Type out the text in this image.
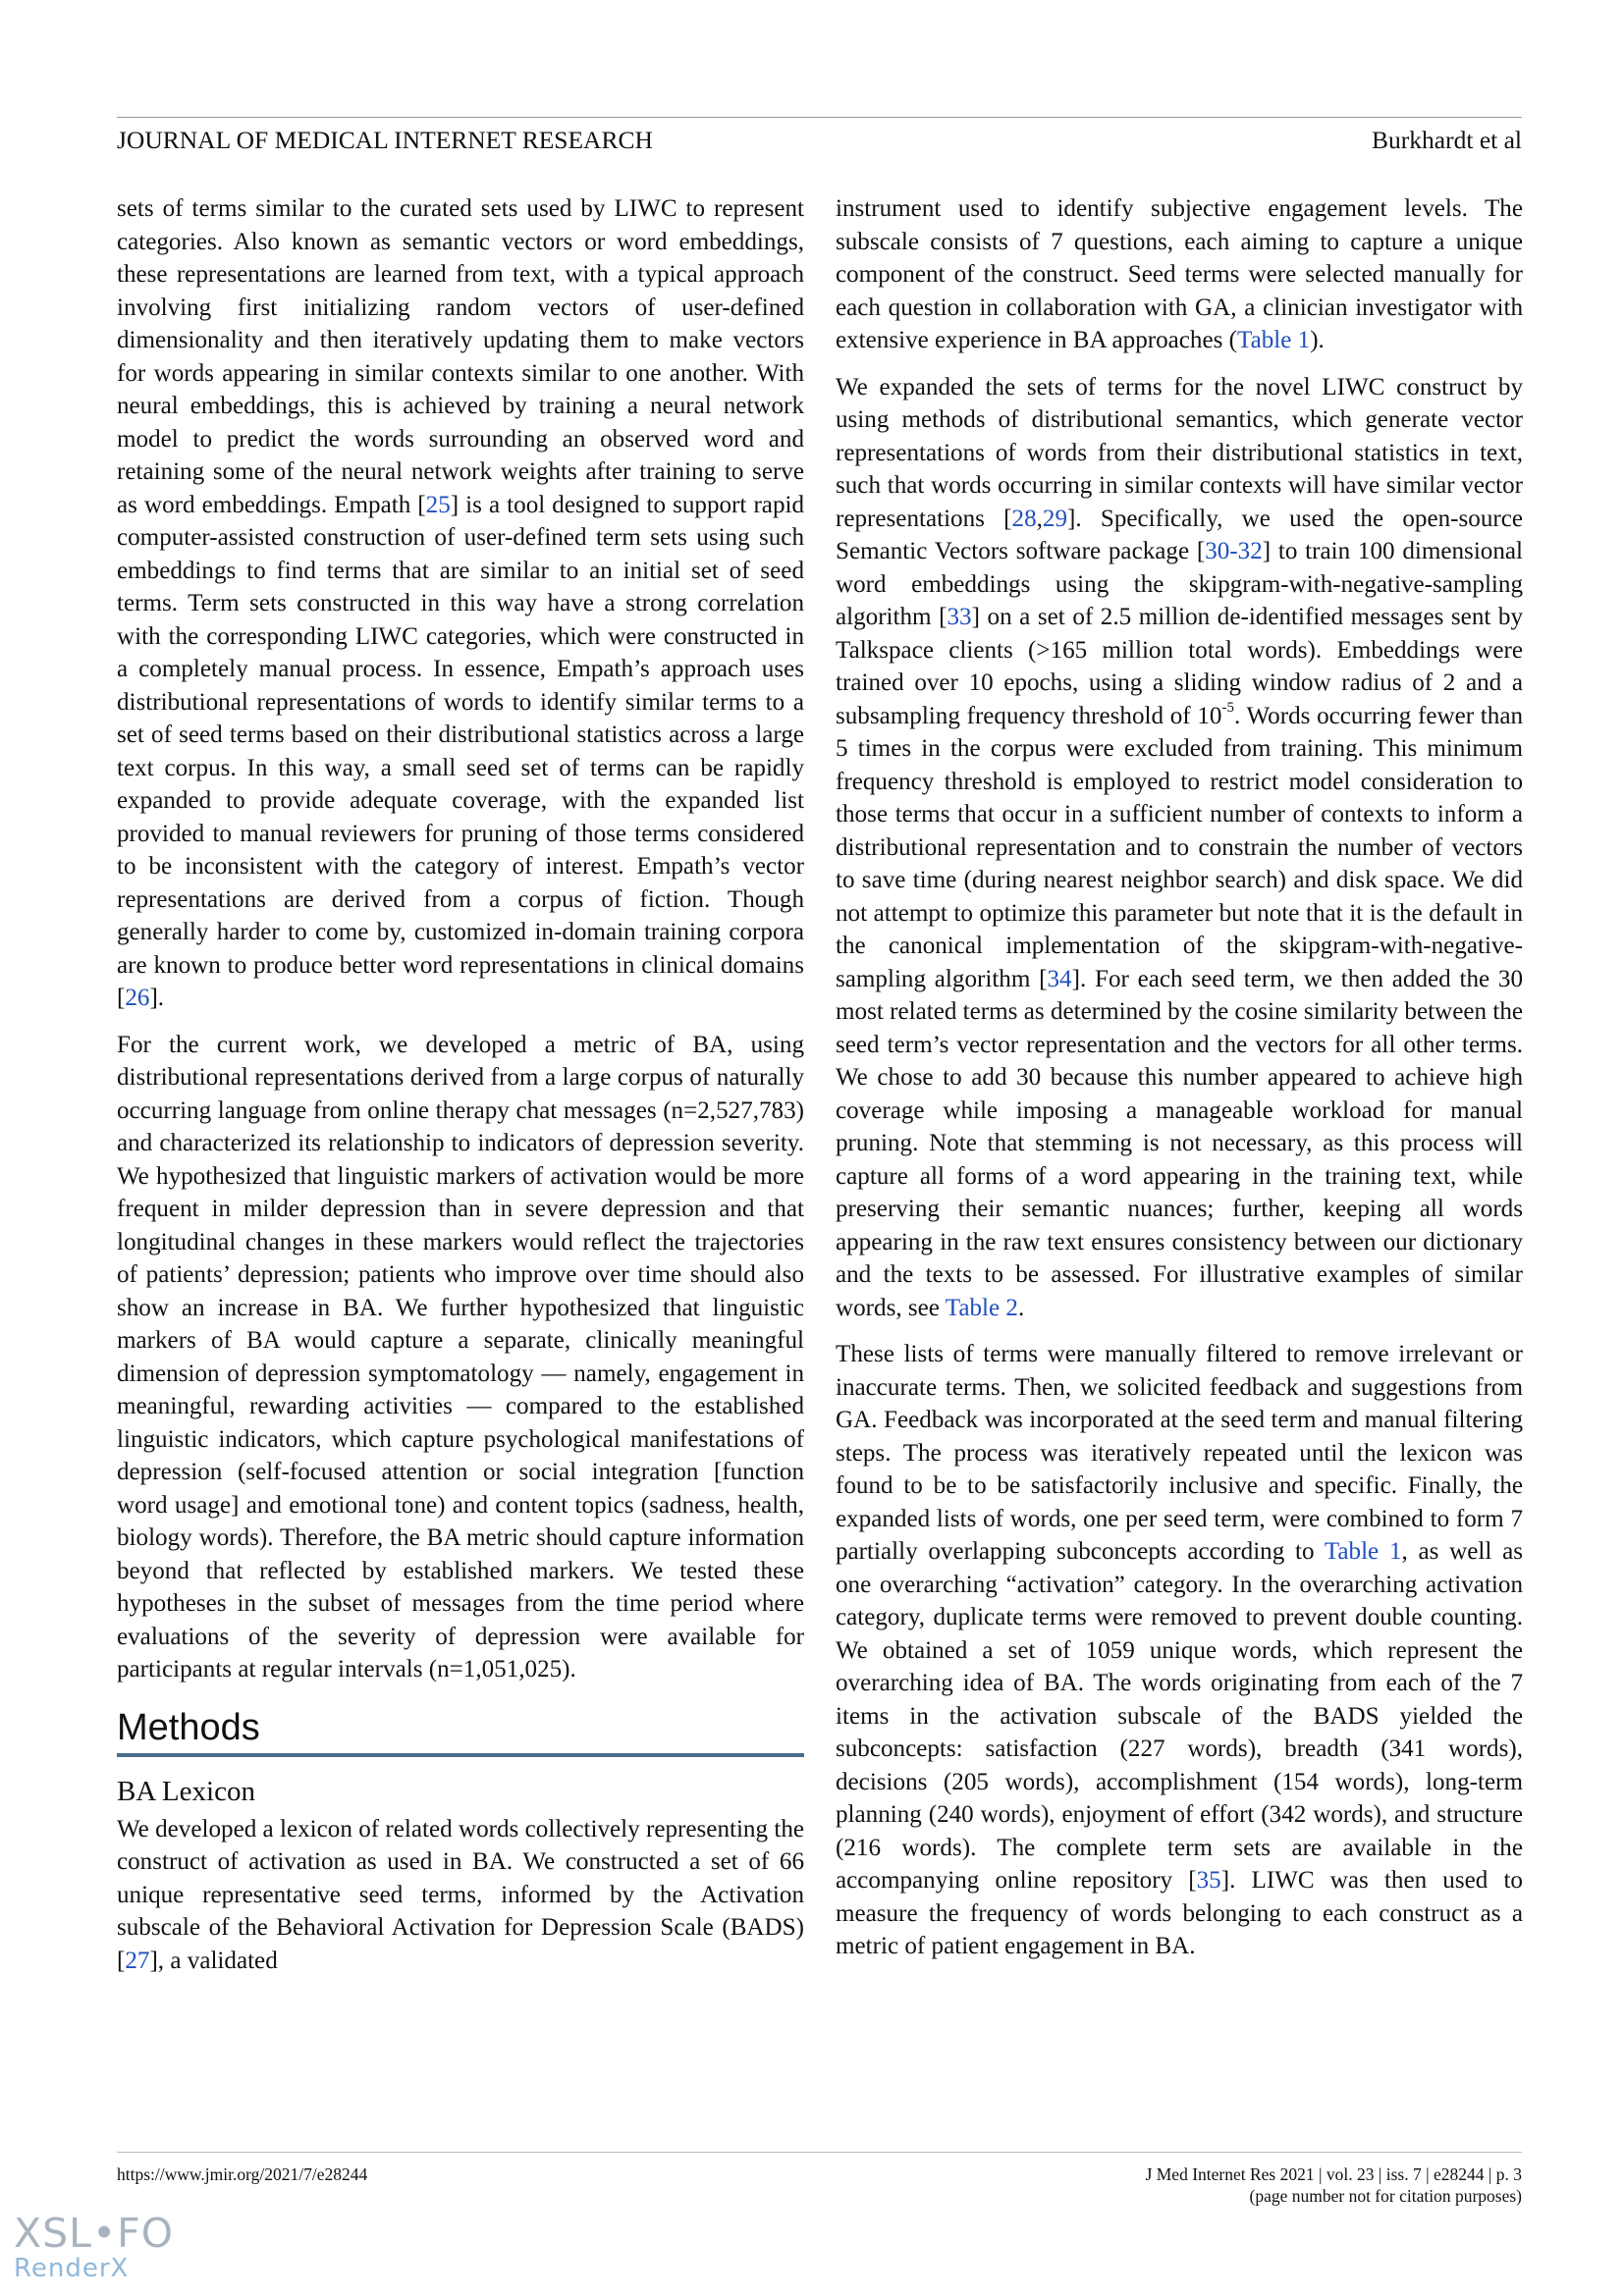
JOURNAL OF MEDICAL INTERNET RESEARCH	Burkhardt et al

sets of terms similar to the curated sets used by LIWC to represent categories. Also known as semantic vectors or word embeddings, these representations are learned from text, with a typical approach involving first initializing random vectors of user-defined dimensionality and then iteratively updating them to make vectors for words appearing in similar contexts similar to one another. With neural embeddings, this is achieved by training a neural network model to predict the words surrounding an observed word and retaining some of the neural network weights after training to serve as word embeddings. Empath [25] is a tool designed to support rapid computer-assisted construction of user-defined term sets using such embeddings to find terms that are similar to an initial set of seed terms. Term sets constructed in this way have a strong correlation with the corresponding LIWC categories, which were constructed in a completely manual process. In essence, Empath’s approach uses distributional representations of words to identify similar terms to a set of seed terms based on their distributional statistics across a large text corpus. In this way, a small seed set of terms can be rapidly expanded to provide adequate coverage, with the expanded list provided to manual reviewers for pruning of those terms considered to be inconsistent with the category of interest. Empath’s vector representations are derived from a corpus of fiction. Though generally harder to come by, customized in-domain training corpora are known to produce better word representations in clinical domains [26].

For the current work, we developed a metric of BA, using distributional representations derived from a large corpus of naturally occurring language from online therapy chat messages (n=2,527,783) and characterized its relationship to indicators of depression severity. We hypothesized that linguistic markers of activation would be more frequent in milder depression than in severe depression and that longitudinal changes in these markers would reflect the trajectories of patients’ depression; patients who improve over time should also show an increase in BA. We further hypothesized that linguistic markers of BA would capture a separate, clinically meaningful dimension of depression symptomatology — namely, engagement in meaningful, rewarding activities — compared to the established linguistic indicators, which capture psychological manifestations of depression (self-focused attention or social integration [function word usage] and emotional tone) and content topics (sadness, health, biology words). Therefore, the BA metric should capture information beyond that reflected by established markers. We tested these hypotheses in the subset of messages from the time period where evaluations of the severity of depression were available for participants at regular intervals (n=1,051,025).

Methods
BA Lexicon

We developed a lexicon of related words collectively representing the construct of activation as used in BA. We constructed a set of 66 unique representative seed terms, informed by the Activation subscale of the Behavioral Activation for Depression Scale (BADS) [27], a validated

instrument used to identify subjective engagement levels. The subscale consists of 7 questions, each aiming to capture a unique component of the construct. Seed terms were selected manually for each question in collaboration with GA, a clinician investigator with extensive experience in BA approaches (Table 1).

We expanded the sets of terms for the novel LIWC construct by using methods of distributional semantics, which generate vector representations of words from their distributional statistics in text, such that words occurring in similar contexts will have similar vector representations [28,29]. Specifically, we used the open-source Semantic Vectors software package [30-32] to train 100 dimensional word embeddings using the skipgram-with-negative-sampling algorithm [33] on a set of 2.5 million de-identified messages sent by Talkspace clients (>165 million total words). Embeddings were trained over 10 epochs, using a sliding window radius of 2 and a subsampling frequency threshold of $10^{-5}$. Words occurring fewer than 5 times in the corpus were excluded from training. This minimum frequency threshold is employed to restrict model consideration to those terms that occur in a sufficient number of contexts to inform a distributional representation and to constrain the number of vectors to save time (during nearest neighbor search) and disk space. We did not attempt to optimize this parameter but note that it is the default in the canonical implementation of the skipgram-with-negative-sampling algorithm [34]. For each seed term, we then added the 30 most related terms as determined by the cosine similarity between the seed term’s vector representation and the vectors for all other terms. We chose to add 30 because this number appeared to achieve high coverage while imposing a manageable workload for manual pruning. Note that stemming is not necessary, as this process will capture all forms of a word appearing in the training text, while preserving their semantic nuances; further, keeping all words appearing in the raw text ensures consistency between our dictionary and the texts to be assessed. For illustrative examples of similar words, see Table 2.

These lists of terms were manually filtered to remove irrelevant or inaccurate terms. Then, we solicited feedback and suggestions from GA. Feedback was incorporated at the seed term and manual filtering steps. The process was iteratively repeated until the lexicon was found to be to be satisfactorily inclusive and specific. Finally, the expanded lists of words, one per seed term, were combined to form 7 partially overlapping subconcepts according to Table 1, as well as one overarching “activation” category. In the overarching activation category, duplicate terms were removed to prevent double counting. We obtained a set of 1059 unique words, which represent the overarching idea of BA. The words originating from each of the 7 items in the activation subscale of the BADS yielded the subconcepts: satisfaction (227 words), breadth (341 words), decisions (205 words), accomplishment (154 words), long-term planning (240 words), enjoyment of effort (342 words), and structure (216 words). The complete term sets are available in the accompanying online repository [35]. LIWC was then used to measure the frequency of words belonging to each construct as a metric of patient engagement in BA.

https://www.jmir.org/2021/7/e28244	J Med Internet Res 2021 | vol. 23 | iss. 7 | e28244 | p. 3
(page number not for citation purposes)
XSL•FO
RenderX
